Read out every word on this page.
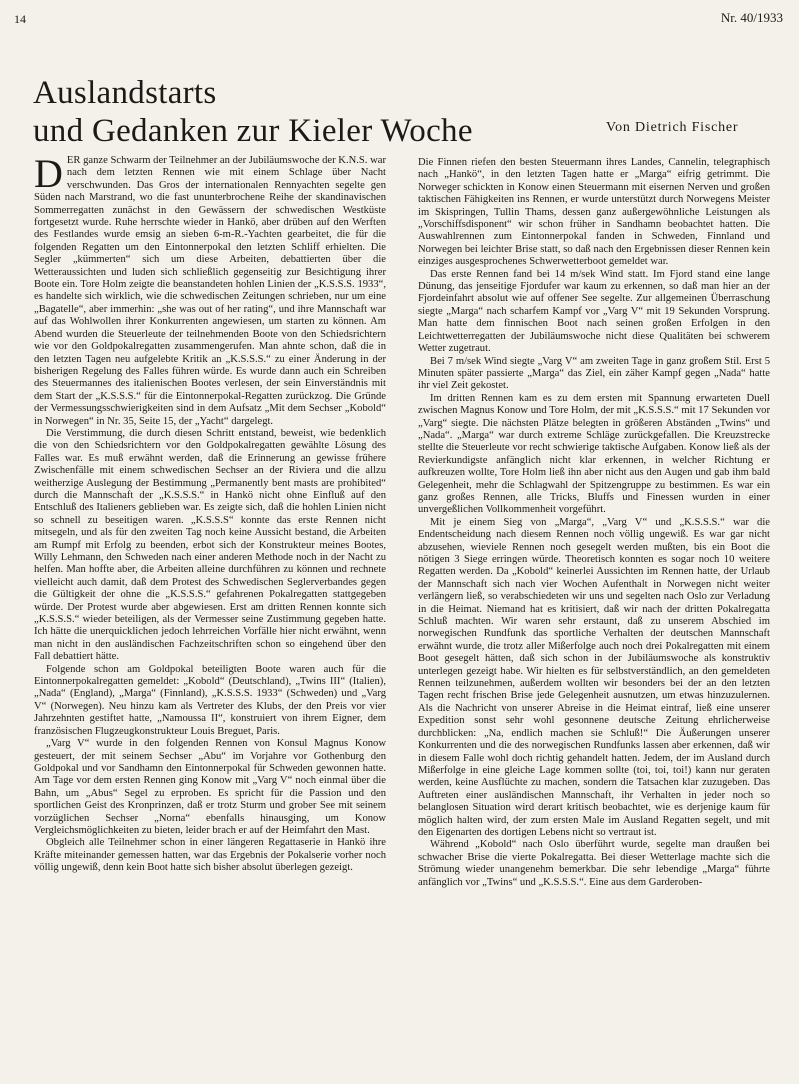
14	Nr. 40/1933
Auslandstarts
und Gedanken zur Kieler Woche	Von Dietrich Fischer

DER ganze Schwarm der Teilnehmer an der Jubiläumswoche der K.N.S. war nach dem letzten Rennen wie mit einem Schlage über Nacht verschwunden. Das Gros der internationalen Rennyachten segelte gen Süden nach Marstrand, wo die fast ununterbrochene Reihe der skandinavischen Sommerregatten zunächst in den Gewässern der schwedischen Westküste fortgesetzt wurde. Ruhe herrschte wieder in Hankö, aber drüben auf den Werften des Festlandes wurde emsig an sieben 6-m-R.-Yachten gearbeitet, die für die folgenden Regatten um den Eintonnerpokal den letzten Schliff erhielten. Die Segler „kümmerten“ sich um diese Arbeiten, debattierten über die Wetteraussichten und luden sich schließlich gegenseitig zur Besichtigung ihrer Boote ein. Tore Holm zeigte die beanstandeten hohlen Linien der „K.S.S.S. 1933“, es handelte sich wirklich, wie die schwedischen Zeitungen schrieben, nur um eine „Bagatelle“, aber immerhin: „she was out of her rating“, und ihre Mannschaft war auf das Wohlwollen ihrer Konkurrenten angewiesen, um starten zu können. Am Abend wurden die Steuerleute der teilnehmenden Boote von den Schiedsrichtern wie vor den Goldpokalregatten zusammengerufen. Man ahnte schon, daß die in den letzten Tagen neu aufgelebte Kritik an „K.S.S.S.“ zu einer Änderung in der bisherigen Regelung des Falles führen würde. Es wurde dann auch ein Schreiben des Steuermannes des italienischen Bootes verlesen, der sein Einverständnis mit dem Start der „K.S.S.S.“ für die Eintonnerpokal-Regatten zurückzog. Die Gründe der Vermessungsschwierigkeiten sind in dem Aufsatz „Mit dem Sechser „Kobold“ in Norwegen“ in Nr. 35, Seite 15, der „Yacht“ dargelegt.

Die Verstimmung, die durch diesen Schritt entstand, beweist, wie bedenklich die von den Schiedsrichtern vor den Goldpokalregatten gewählte Lösung des Falles war. Es muß erwähnt werden, daß die Erinnerung an gewisse frühere Zwischenfälle mit einem schwedischen Sechser an der Riviera und die allzu weitherzige Auslegung der Bestimmung „Permanently bent masts are prohibited“ durch die Mannschaft der „K.S.S.S.“ in Hankö nicht ohne Einfluß auf den Entschluß des Italieners geblieben war. Es zeigte sich, daß die hohlen Linien nicht so schnell zu beseitigen waren. „K.S.S.S“ konnte das erste Rennen nicht mitsegeln, und als für den zweiten Tag noch keine Aussicht bestand, die Arbeiten am Rumpf mit Erfolg zu beenden, erbot sich der Konstrukteur meines Bootes, Willy Lehmann, den Schweden nach einer anderen Methode noch in der Nacht zu helfen. Man hoffte aber, die Arbeiten alleine durchführen zu können und rechnete vielleicht auch damit, daß dem Protest des Schwedischen Seglerverbandes gegen die Gültigkeit der ohne die „K.S.S.S.“ gefahrenen Pokalregatten stattgegeben würde. Der Protest wurde aber abgewiesen. Erst am dritten Rennen konnte sich „K.S.S.S.“ wieder beteiligen, als der Vermesser seine Zustimmung gegeben hatte. Ich hätte die unerquicklichen jedoch lehrreichen Vorfälle hier nicht erwähnt, wenn man nicht in den ausländischen Fachzeitschriften schon so eingehend über den Fall debattiert hätte.

Folgende schon am Goldpokal beteiligten Boote waren auch für die Eintonnerpokalregatten gemeldet: „Kobold“ (Deutschland), „Twins III“ (Italien), „Nada“ (England), „Marga“ (Finnland), „K.S.S.S. 1933“ (Schweden) und „Varg V“ (Norwegen). Neu hinzu kam als Vertreter des Klubs, der den Preis vor vier Jahrzehnten gestiftet hatte, „Namoussa II“, konstruiert von ihrem Eigner, dem französischen Flugzeugkonstrukteur Louis Breguet, Paris.

„Varg V“ wurde in den folgenden Rennen von Konsul Magnus Konow gesteuert, der mit seinem Sechser „Abu“ im Vorjahre vor Gothenburg den Goldpokal und vor Sandhamn den Eintonnerpokal für Schweden gewonnen hatte. Am Tage vor dem ersten Rennen ging Konow mit „Varg V“ noch einmal über die Bahn, um „Abus“ Segel zu erproben. Es spricht für die Passion und den sportlichen Geist des Kronprinzen, daß er trotz Sturm und grober See mit seinem vorzüglichen Sechser „Norna“ ebenfalls hinausging, um Konow Vergleichsmöglichkeiten zu bieten, leider brach er auf der Heimfahrt den Mast.

Obgleich alle Teilnehmer schon in einer längeren Regattaserie in Hankö ihre Kräfte miteinander gemessen hatten, war das Ergebnis der Pokalserie vorher noch völlig ungewiß, denn kein Boot hatte sich bisher absolut überlegen gezeigt.

Die Finnen riefen den besten Steuermann ihres Landes, Cannelin, telegraphisch nach „Hankö“, in den letzten Tagen hatte er „Marga“ eifrig getrimmt. Die Norweger schickten in Konow einen Steuermann mit eisernen Nerven und großen taktischen Fähigkeiten ins Rennen, er wurde unterstützt durch Norwegens Meister im Skispringen, Tullin Thams, dessen ganz außergewöhnliche Leistungen als „Vorschiffsdisponent“ wir schon früher in Sandhamn beobachtet hatten. Die Auswahlrennen zum Eintonnerpokal fanden in Schweden, Finnland und Norwegen bei leichter Brise statt, so daß nach den Ergebnissen dieser Rennen kein einziges ausgesprochenes Schwerwetterboot gemeldet war.

Das erste Rennen fand bei 14 m/sek Wind statt. Im Fjord stand eine lange Dünung, das jenseitige Fjordufer war kaum zu erkennen, so daß man hier an der Fjordeinfahrt absolut wie auf offener See segelte. Zur allgemeinen Überraschung siegte „Marga“ nach scharfem Kampf vor „Varg V“ mit 19 Sekunden Vorsprung. Man hatte dem finnischen Boot nach seinen großen Erfolgen in den Leichtwetterregatten der Jubiläumswoche nicht diese Qualitäten bei schwerem Wetter zugetraut.

Bei 7 m/sek Wind siegte „Varg V“ am zweiten Tage in ganz großem Stil. Erst 5 Minuten später passierte „Marga“ das Ziel, ein zäher Kampf gegen „Nada“ hatte ihr viel Zeit gekostet.

Im dritten Rennen kam es zu dem ersten mit Spannung erwarteten Duell zwischen Magnus Konow und Tore Holm, der mit „K.S.S.S.“ mit 17 Sekunden vor „Varg“ siegte. Die nächsten Plätze belegten in größeren Abständen „Twins“ und „Nada“. „Marga“ war durch extreme Schläge zurückgefallen. Die Kreuzstrecke stellte die Steuerleute vor recht schwierige taktische Aufgaben. Konow ließ als der Revierkundigste anfänglich nicht klar erkennen, in welcher Richtung er aufkreuzen wollte, Tore Holm ließ ihn aber nicht aus den Augen und gab ihm bald Gelegenheit, mehr die Schlagwahl der Spitzengruppe zu bestimmen. Es war ein ganz großes Rennen, alle Tricks, Bluffs und Finessen wurden in einer unvergeßlichen Vollkommenheit vorgeführt.

Mit je einem Sieg von „Marga“, „Varg V“ und „K.S.S.S.“ war die Endentscheidung nach diesem Rennen noch völlig ungewiß. Es war gar nicht abzusehen, wieviele Rennen noch gesegelt werden mußten, bis ein Boot die nötigen 3 Siege erringen würde. Theoretisch konnten es sogar noch 10 weitere Regatten werden. Da „Kobold“ keinerlei Aussichten im Rennen hatte, der Urlaub der Mannschaft sich nach vier Wochen Aufenthalt in Norwegen nicht weiter verlängern ließ, so verabschiedeten wir uns und segelten nach Oslo zur Verladung in die Heimat. Niemand hat es kritisiert, daß wir nach der dritten Pokalregatta Schluß machten. Wir waren sehr erstaunt, daß zu unserem Abschied im norwegischen Rundfunk das sportliche Verhalten der deutschen Mannschaft erwähnt wurde, die trotz aller Mißerfolge auch noch drei Pokalregatten mit einem Boot gesegelt hätten, daß sich schon in der Jubiläumswoche als konstruktiv unterlegen gezeigt habe. Wir hielten es für selbstverständlich, an den gemeldeten Rennen teilzunehmen, außerdem wollten wir besonders bei der an den letzten Tagen recht frischen Brise jede Gelegenheit ausnutzen, um etwas hinzuzulernen. Als die Nachricht von unserer Abreise in die Heimat eintraf, ließ eine unserer Expedition sonst sehr wohl gesonnene deutsche Zeitung ehrlicherweise durchblicken: „Na, endlich machen sie Schluß!“ Die Äußerungen unserer Konkurrenten und die des norwegischen Rundfunks lassen aber erkennen, daß wir in diesem Falle wohl doch richtig gehandelt hatten. Jedem, der im Ausland durch Mißerfolge in eine gleiche Lage kommen sollte (toi, toi, toi!) kann nur geraten werden, keine Ausflüchte zu machen, sondern die Tatsachen klar zuzugeben. Das Auftreten einer ausländischen Mannschaft, ihr Verhalten in jeder noch so belanglosen Situation wird derart kritisch beobachtet, wie es derjenige kaum für möglich halten wird, der zum ersten Male im Ausland Regatten segelt, und mit den Eigenarten des dortigen Lebens nicht so vertraut ist.

Während „Kobold“ nach Oslo überführt wurde, segelte man draußen bei schwacher Brise die vierte Pokalregatta. Bei dieser Wetterlage machte sich die Strömung wieder unangenehm bemerkbar. Die sehr lebendige „Marga“ führte anfänglich vor „Twins“ und „K.S.S.S.“. Eine aus dem Garderoben-
